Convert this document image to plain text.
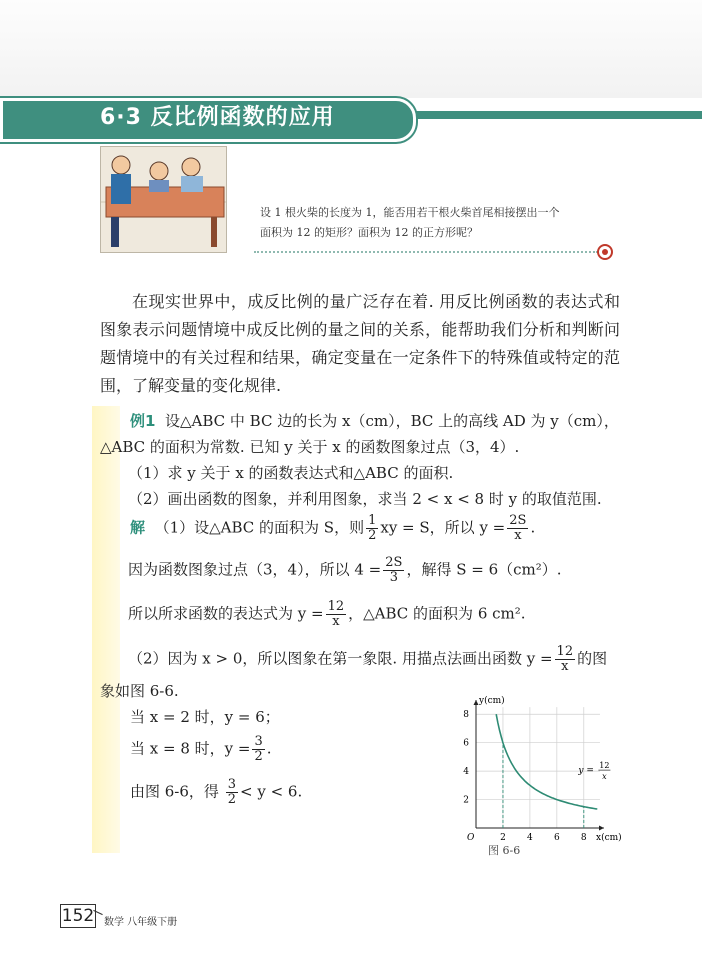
6·3 反比例函数的应用
设 1 根火柴的长度为 1，能否用若干根火柴首尾相接摆出一个
面积为 12 的矩形？面积为 12 的正方形呢？
在现实世界中，成反比例的量广泛存在着. 用反比例函数的表达式和图象表示问题情境中成反比例的量之间的关系，能帮助我们分析和判断问题情境中的有关过程和结果，确定变量在一定条件下的特殊值或特定的范围，了解变量的变化规律.
例1 设△ABC 中 BC 边的长为 x（cm），BC 上的高线 AD 为 y（cm），
△ABC 的面积为常数. 已知 y 关于 x 的函数图象过点（3，4）.
（1）求 y 关于 x 的函数表达式和△ABC 的面积.
（2）画出函数的图象，并利用图象，求当 2 < x < 8 时 y 的取值范围.
解 （1）设△ABC 的面积为 S，则 $\frac{1}{2}$ xy = S，所以 $y = \frac{2S}{x}$ .
因为函数图象过点（3，4），所以 $4 = \frac{2S}{3}$ ，解得 S = 6（cm²）.
所以所求函数的表达式为 $y = \frac{12}{x}$ ，△ABC 的面积为 6 cm².
（2）因为 x > 0，所以图象在第一象限. 用描点法画出函数 $y = \frac{12}{x}$ 的图
象如图 6-6.
当 x = 2 时，y = 6；
当 x = 8 时，$y = \frac{3}{2}$ .
由图 6-6，得 $\frac{3}{2} < y < 6$.
2 4 6 8
2
4
6
8
O	x(cm)
y(cm)
y =
12
x
图 6-6
152 数学 八年级下册
